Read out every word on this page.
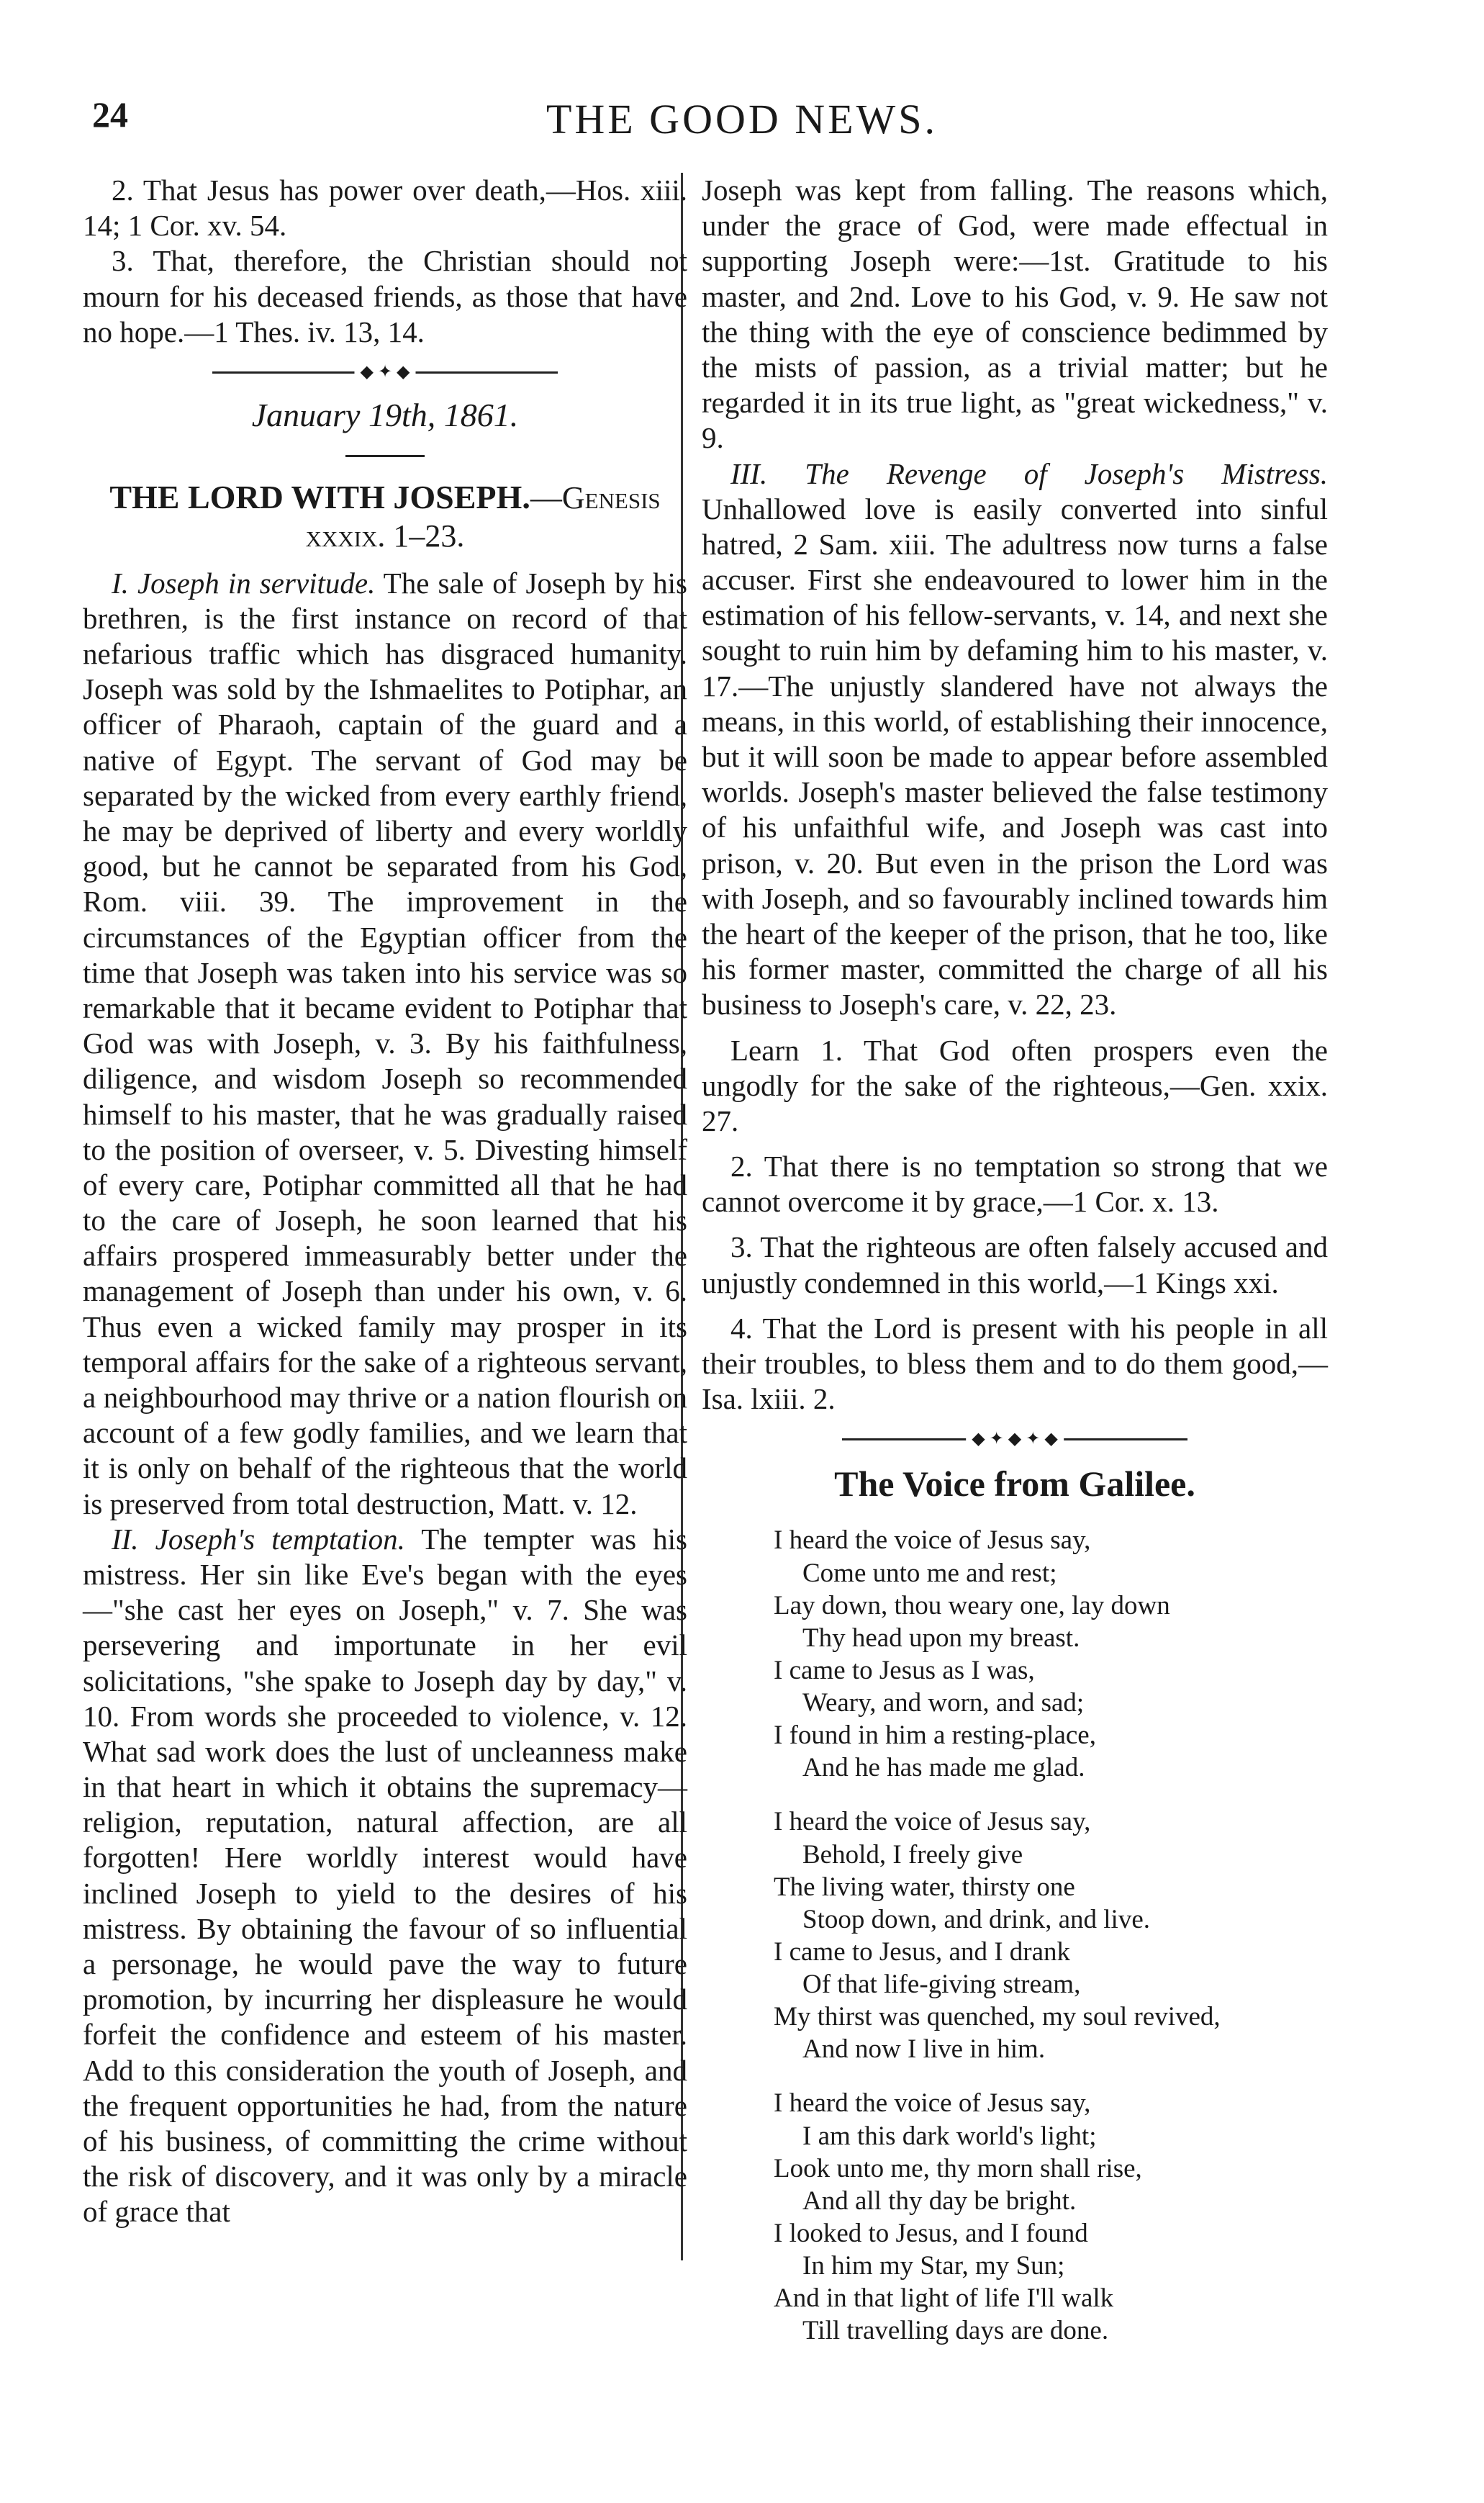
24	THE GOOD NEWS.

2. That Jesus has power over death,—Hos. xiii. 14; 1 Cor. xv. 54.

3. That, therefore, the Christian should not mourn for his deceased friends, as those that have no hope.—1 Thes. iv. 13, 14.

◆ ✦ ◆

January 19th, 1861.

THE LORD WITH JOSEPH.—Genesis xxxix. 1–23.

I. Joseph in servitude. The sale of Joseph by his brethren, is the first instance on record of that nefarious traffic which has disgraced humanity. Joseph was sold by the Ishmaelites to Potiphar, an officer of Pharaoh, captain of the guard and a native of Egypt. The servant of God may be separated by the wicked from every earthly friend, he may be deprived of liberty and every worldly good, but he cannot be separated from his God, Rom. viii. 39. The improvement in the circumstances of the Egyptian officer from the time that Joseph was taken into his service was so remarkable that it became evident to Potiphar that God was with Joseph, v. 3. By his faithfulness, diligence, and wisdom Joseph so recommended himself to his master, that he was gradually raised to the position of overseer, v. 5. Divesting himself of every care, Potiphar committed all that he had to the care of Joseph, he soon learned that his affairs prospered immeasurably better under the management of Joseph than under his own, v. 6. Thus even a wicked family may prosper in its temporal affairs for the sake of a righteous servant, a neighbourhood may thrive or a nation flourish on account of a few godly families, and we learn that it is only on behalf of the righteous that the world is preserved from total destruction, Matt. v. 12.

II. Joseph's temptation. The tempter was his mistress. Her sin like Eve's began with the eyes—"she cast her eyes on Joseph," v. 7. She was persevering and importunate in her evil solicitations, "she spake to Joseph day by day," v. 10. From words she proceeded to violence, v. 12. What sad work does the lust of uncleanness make in that heart in which it obtains the supremacy—religion, reputation, natural affection, are all forgotten! Here worldly interest would have inclined Joseph to yield to the desires of his mistress. By obtaining the favour of so influential a personage, he would pave the way to future promotion, by incurring her displeasure he would forfeit the confidence and esteem of his master. Add to this consideration the youth of Joseph, and the frequent opportunities he had, from the nature of his business, of committing the crime without the risk of discovery, and it was only by a miracle of grace that

Joseph was kept from falling. The reasons which, under the grace of God, were made effectual in supporting Joseph were:—1st. Gratitude to his master, and 2nd. Love to his God, v. 9. He saw not the thing with the eye of conscience bedimmed by the mists of passion, as a trivial matter; but he regarded it in its true light, as "great wickedness," v. 9.

III. The Revenge of Joseph's Mistress. Unhallowed love is easily converted into sinful hatred, 2 Sam. xiii. The adultress now turns a false accuser. First she endeavoured to lower him in the estimation of his fellow-servants, v. 14, and next she sought to ruin him by defaming him to his master, v. 17.—The unjustly slandered have not always the means, in this world, of establishing their innocence, but it will soon be made to appear before assembled worlds. Joseph's master believed the false testimony of his unfaithful wife, and Joseph was cast into prison, v. 20. But even in the prison the Lord was with Joseph, and so favourably inclined towards him the heart of the keeper of the prison, that he too, like his former master, committed the charge of all his business to Joseph's care, v. 22, 23.

Learn 1. That God often prospers even the ungodly for the sake of the righteous,—Gen. xxix. 27.

2. That there is no temptation so strong that we cannot overcome it by grace,—1 Cor. x. 13.

3. That the righteous are often falsely accused and unjustly condemned in this world,—1 Kings xxi.

4. That the Lord is present with his people in all their troubles, to bless them and to do them good,—Isa. lxiii. 2.

◆ ✦ ◆ ✦ ◆
The Voice from Galilee.
I heard the voice of Jesus say,
Come unto me and rest;
Lay down, thou weary one, lay down
Thy head upon my breast.
I came to Jesus as I was,
Weary, and worn, and sad;
I found in him a resting-place,
And he has made me glad.
I heard the voice of Jesus say,
Behold, I freely give
The living water, thirsty one
Stoop down, and drink, and live.
I came to Jesus, and I drank
Of that life-giving stream,
My thirst was quenched, my soul revived,
And now I live in him.
I heard the voice of Jesus say,
I am this dark world's light;
Look unto me, thy morn shall rise,
And all thy day be bright.
I looked to Jesus, and I found
In him my Star, my Sun;
And in that light of life I'll walk
Till travelling days are done.
